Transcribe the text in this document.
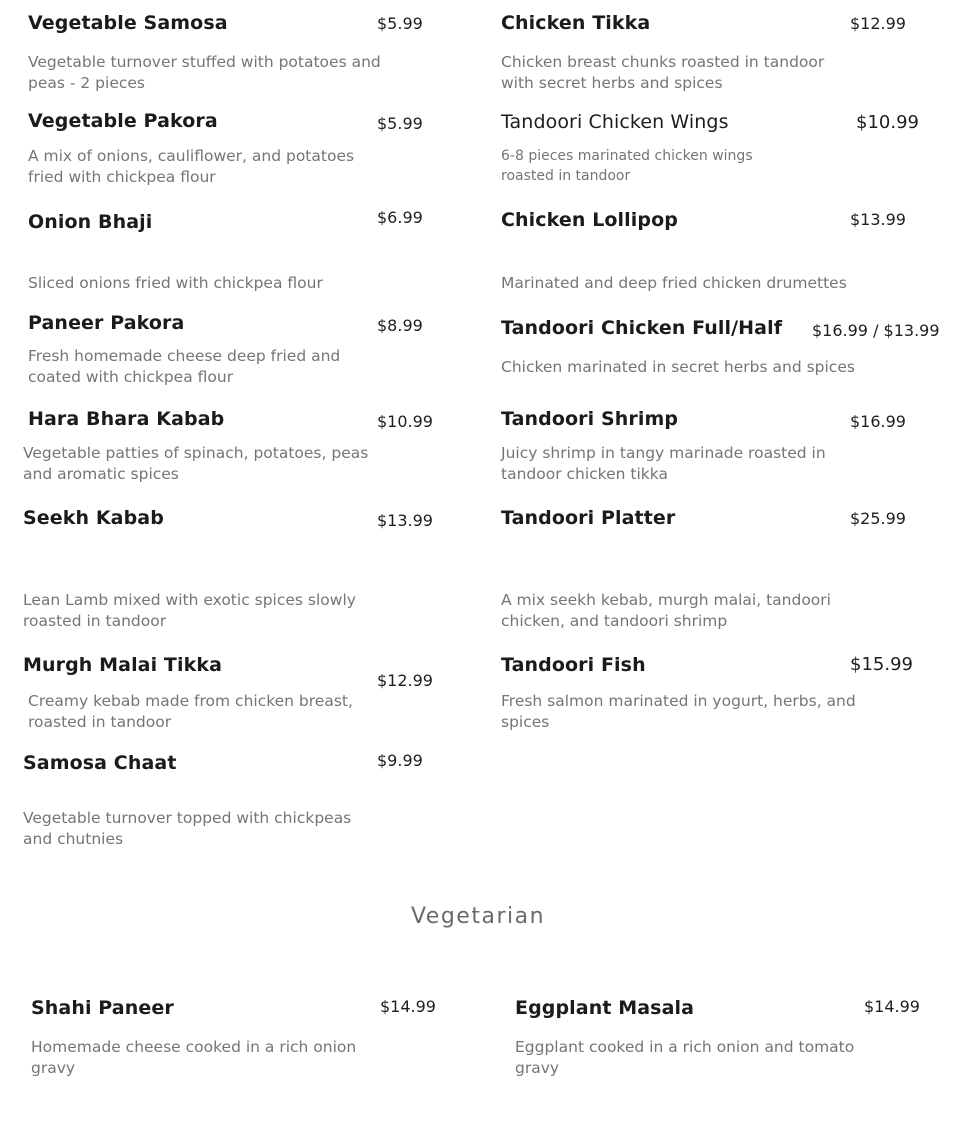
Vegetable Samosa	$5.99
Vegetable turnover stuffed with potatoes and peas - 2 pieces
Vegetable Pakora	$5.99
A mix of onions, cauliflower, and potatoes fried with chickpea flour
Onion Bhaji	$6.99
Sliced onions fried with chickpea flour
Paneer Pakora	$8.99
Fresh homemade cheese deep fried and coated with chickpea flour
Hara Bhara Kabab	$10.99
Vegetable patties of spinach, potatoes, peas and aromatic spices
Seekh Kabab	$13.99
Lean Lamb mixed with exotic spices slowly roasted in tandoor
Murgh Malai Tikka
$12.99
Creamy kebab made from chicken breast, roasted in tandoor
Samosa Chaat	$9.99
Vegetable turnover topped with chickpeas and chutnies
Chicken Tikka	$12.99
Chicken breast chunks roasted in tandoor with secret herbs and spices
Tandoori Chicken Wings	$10.99
6-8 pieces marinated chicken wings roasted in tandoor
Chicken Lollipop	$13.99
Marinated and deep fried chicken drumettes
Tandoori Chicken Full/Half $16.99 / $13.99
Chicken marinated in secret herbs and spices
Tandoori Shrimp	$16.99
Juicy shrimp in tangy marinade roasted in tandoor chicken tikka
Tandoori Platter	$25.99
A mix seekh kebab, murgh malai, tandoori chicken, and tandoori shrimp
Tandoori Fish	$15.99
Fresh salmon marinated in yogurt, herbs, and spices
Vegetarian
Shahi Paneer	$14.99
Homemade cheese cooked in a rich onion gravy
Eggplant Masala	$14.99
Eggplant cooked in a rich onion and tomato gravy
